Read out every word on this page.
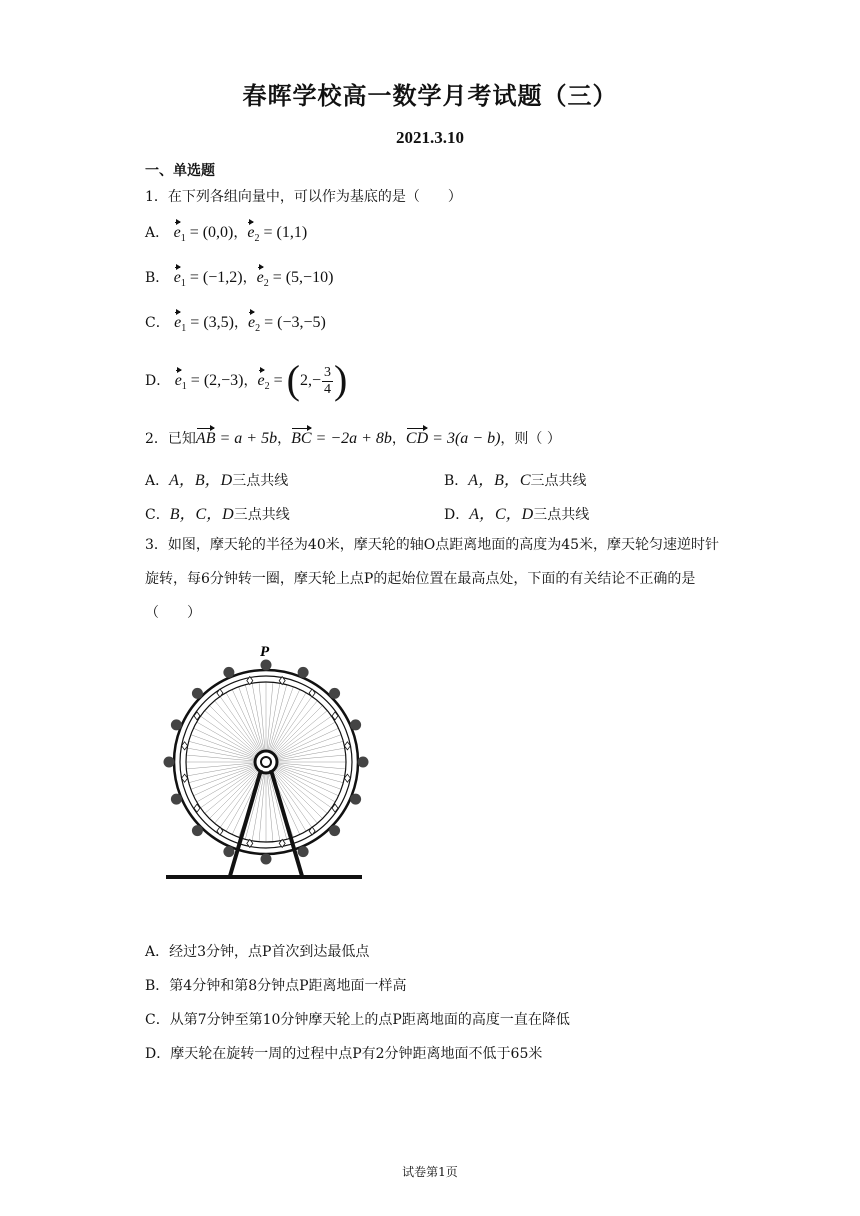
春晖学校高一数学月考试题（三）
2021.3.10
一、单选题
1．在下列各组向量中，可以作为基底的是（　　）
A． $e_1 = (0,0)$，$e_2 = (1,1)$
B． $e_1 = (-1,2)$，$e_2 = (5,-10)$
C． $e_1 = (3,5)$，$e_2 = (-3,-5)$
D． $e_1 = (2,-3)$，$e_2 = (2,- \frac{3}{4}$ )
2．已知AB = a + 5b，BC = −2a + 8b，CD = 3(a − b)，则（ ）
A．A，B，D三点共线	B．A，B，C三点共线
C．B，C，D三点共线	D．A，C，D三点共线
3．如图，摩天轮的半径为40米，摩天轮的轴O点距离地面的高度为45米，摩天轮匀速逆时针旋转，每6分钟转一圈，摩天轮上点P的起始位置在最高点处，下面的有关结论不正确的是（　　）
P
A．经过3分钟，点P首次到达最低点
B．第4分钟和第8分钟点P距离地面一样高
C．从第7分钟至第10分钟摩天轮上的点P距离地面的高度一直在降低
D．摩天轮在旋转一周的过程中点P有2分钟距离地面不低于65米
试卷第1页
